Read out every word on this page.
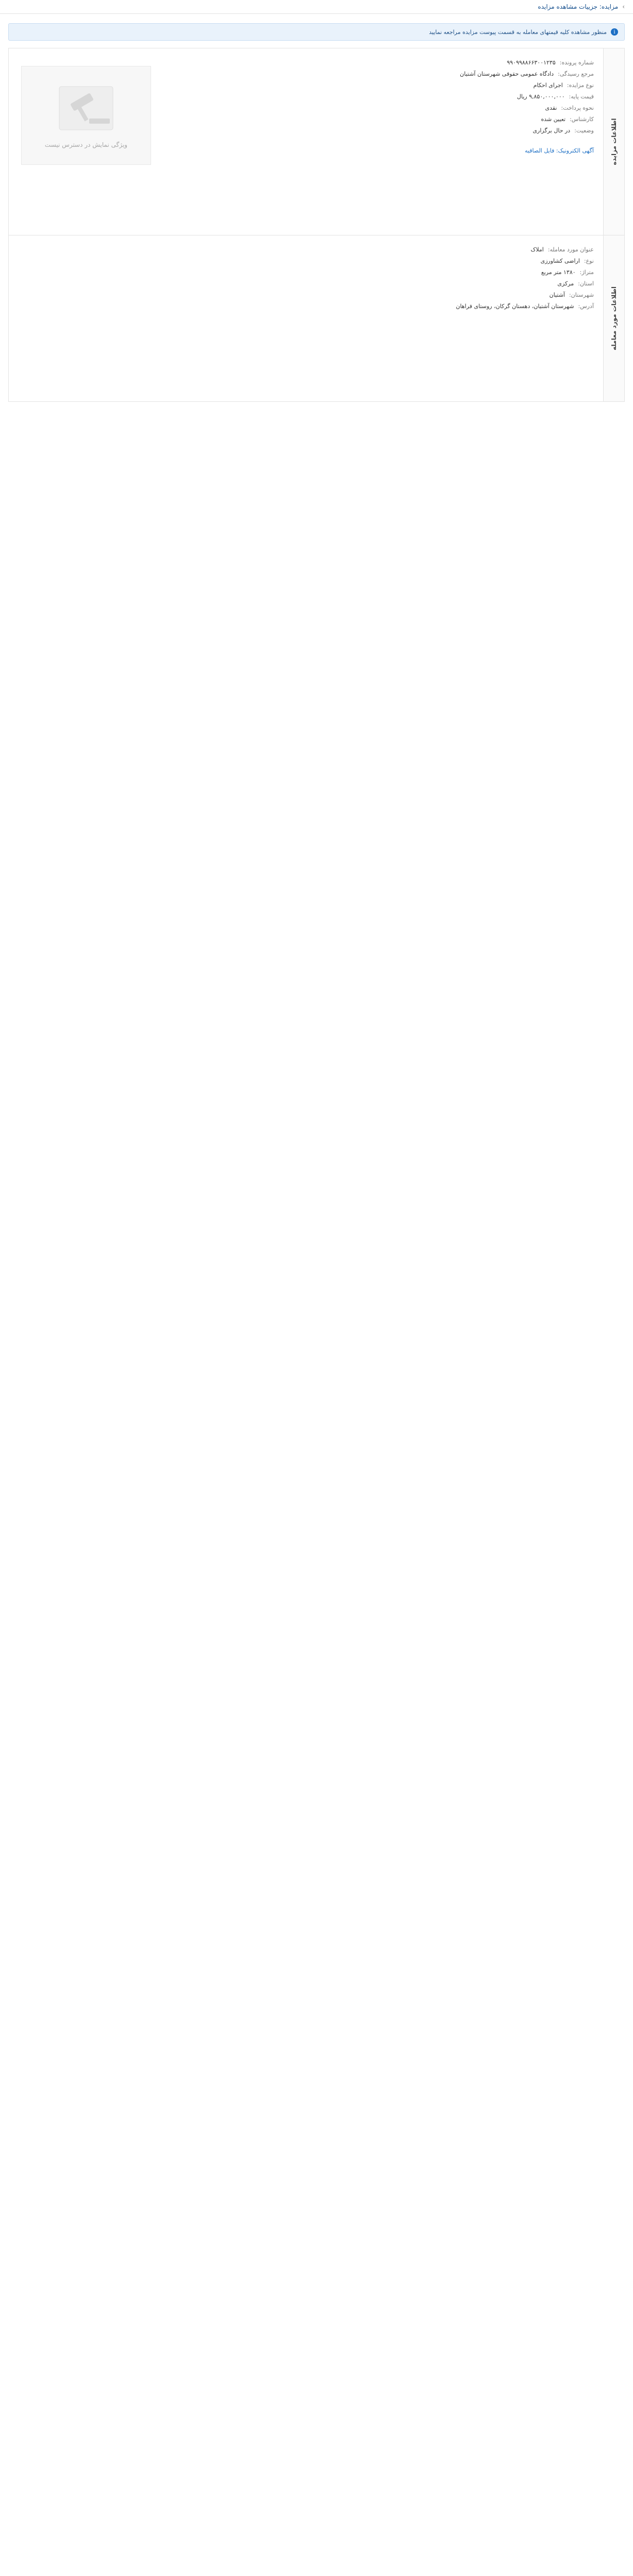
›
مزایده: جزییات مشاهده مزایده
i
منظور مشاهده کلیه قیمتهای معامله به قسمت پیوست مزایده مراجعه نمایید
اطلاعات مزایده
شماره پرونده:
۹۹۰۹۹۸۸۶۶۳۰۰۱۲۳۵
مرجع رسیدگی:
دادگاه عمومی حقوقی شهرستان آشتیان
نوع مزایده:
اجرای احکام
قیمت پایه:
۹,۸۵۰,۰۰۰,۰۰۰ ریال
نحوه پرداخت:
نقدی
کارشناس:
تعیین شده
وضعیت:
در حال برگزاری
ویژگی نمایش در دسترس نیست
آگهی الکترونیک: فایل الصاقیه
اطلاعات مورد معامله
عنوان مورد معامله:
املاک
نوع:
اراضی کشاورزی
متراژ:
۱۳۸۰ متر مربع
استان:
مرکزی
شهرستان:
آشتیان
آدرس:
شهرستان آشتیان، دهستان گرکان، روستای فراهان
